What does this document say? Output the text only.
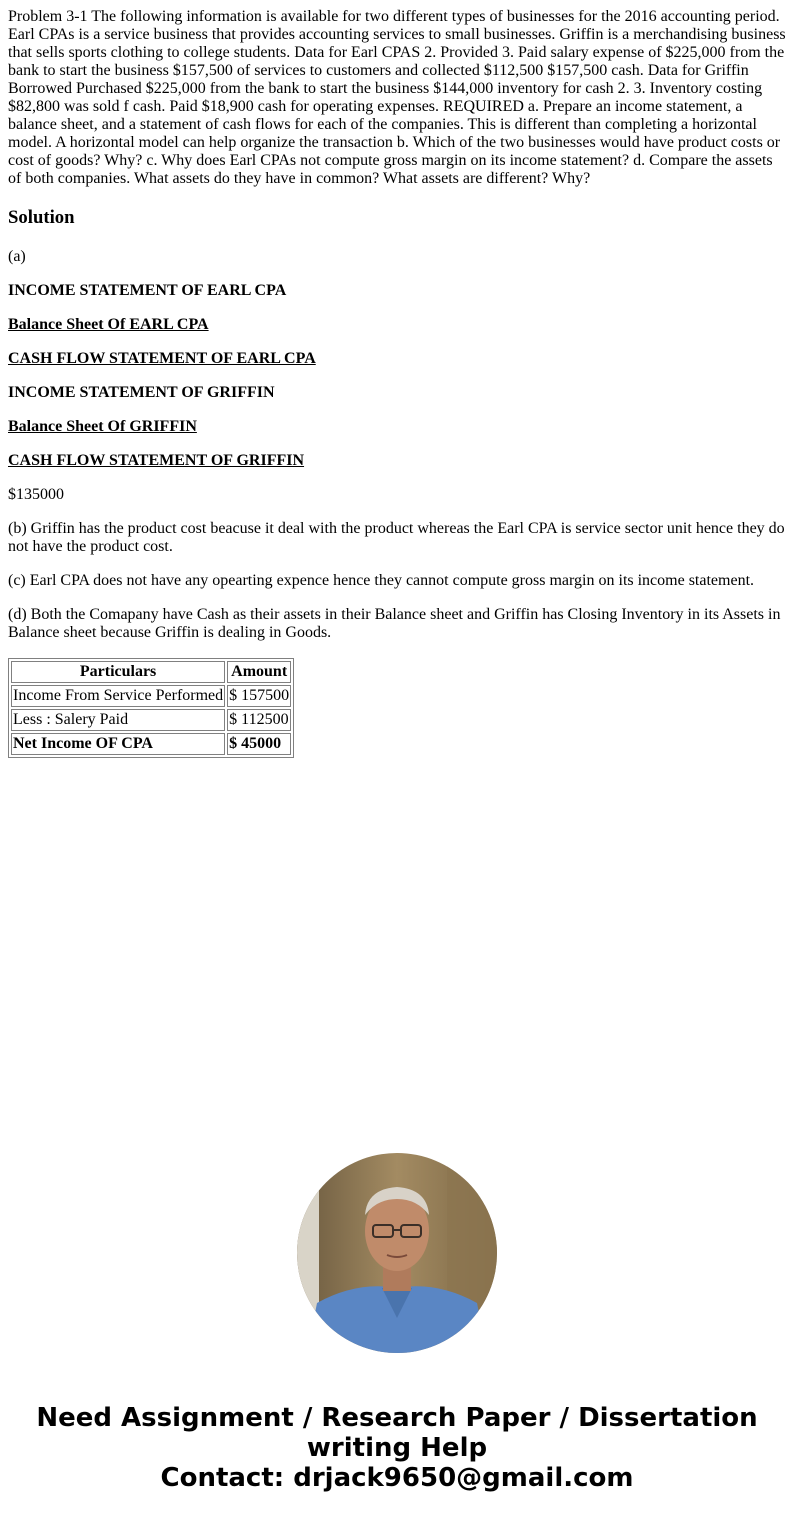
Problem 3-1 The following information is available for two different types of businesses for the 2016 accounting period. Earl CPAs is a service business that provides accounting services to small businesses. Griffin is a merchandising business that sells sports clothing to college students. Data for Earl CPAS 2. Provided 3. Paid salary expense of $225,000 from the bank to start the business $157,500 of services to customers and collected $112,500 $157,500 cash. Data for Griffin Borrowed Purchased $225,000 from the bank to start the business $144,000 inventory for cash 2. 3. Inventory costing $82,800 was sold f cash. Paid $18,900 cash for operating expenses. REQUIRED a. Prepare an income statement, a balance sheet, and a statement of cash flows for each of the companies. This is different than completing a horizontal model. A horizontal model can help organize the transaction b. Which of the two businesses would have product costs or cost of goods? Why? c. Why does Earl CPAs not compute gross margin on its income statement? d. Compare the assets of both companies. What assets do they have in common? What assets are different? Why?

Solution

(a)

INCOME STATEMENT OF EARL CPA

Balance Sheet Of EARL CPA

CASH FLOW STATEMENT OF EARL CPA

INCOME STATEMENT OF GRIFFIN

Balance Sheet Of GRIFFIN

CASH FLOW STATEMENT OF GRIFFIN

$135000

(b) Griffin has the product cost beacuse it deal with the product whereas the Earl CPA is service sector unit hence they do not have the product cost.

(c) Earl CPA does not have any opearting expence hence they cannot compute gross margin on its income statement.

(d) Both the Comapany have Cash as their assets in their Balance sheet and Griffin has Closing Inventory in its Assets in Balance sheet because Griffin is dealing in Goods.

Particulars	Amount
Income From Service Performed	$ 157500
Less : Salery Paid	$ 112500
Net Income OF CPA	$ 45000
Need Assignment / Research Paper / Dissertation
writing Help
Contact: drjack9650@gmail.com
